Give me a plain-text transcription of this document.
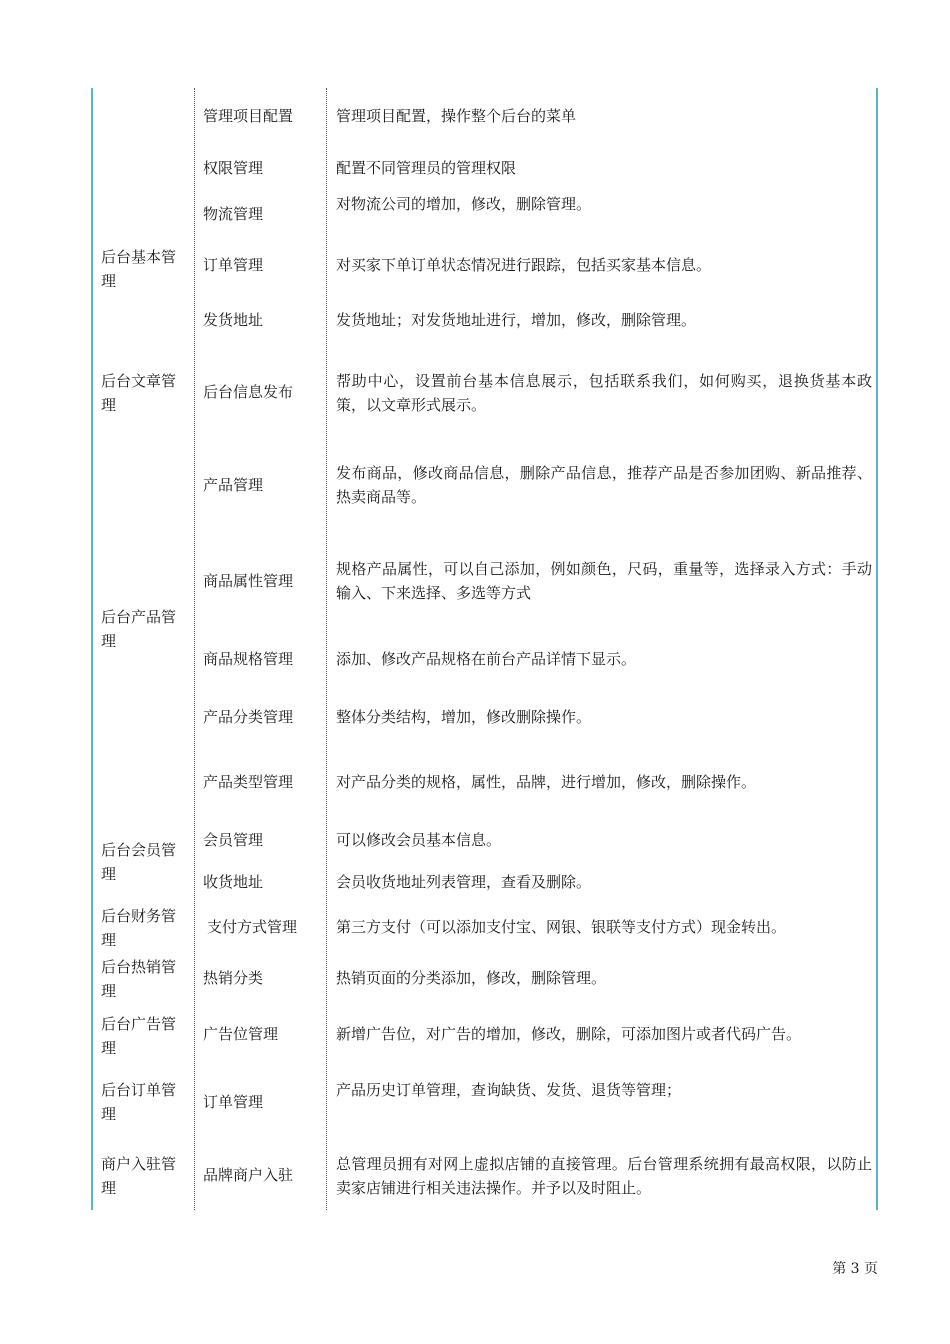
后台基本管理
后台文章管理
后台产品管理
后台会员管理
后台财务管理
后台热销管理
后台广告管理
后台订单管理
商户入驻管理
管理项目配置
权限管理
物流管理
订单管理
发货地址
后台信息发布
产品管理
商品属性管理
商品规格管理
产品分类管理
产品类型管理
会员管理
收货地址
支付方式管理
热销分类
广告位管理
订单管理
品牌商户入驻
管理项目配置，操作整个后台的菜单
配置不同管理员的管理权限
对物流公司的增加，修改，删除管理。
对买家下单订单状态情况进行跟踪，包括买家基本信息。
发货地址；对发货地址进行，增加，修改，删除管理。
帮助中心，设置前台基本信息展示，包括联系我们，如何购买，退换货基本政策，以文章形式展示。
发布商品，修改商品信息，删除产品信息，推荐产品是否参加团购、新品推荐、热卖商品等。
规格产品属性，可以自己添加，例如颜色，尺码，重量等，选择录入方式：手动输入、下来选择、多选等方式
添加、修改产品规格在前台产品详情下显示。
整体分类结构，增加，修改删除操作。
对产品分类的规格，属性，品牌，进行增加，修改，删除操作。
可以修改会员基本信息。
会员收货地址列表管理，查看及删除。
第三方支付（可以添加支付宝、网银、银联等支付方式）现金转出。
热销页面的分类添加，修改，删除管理。
新增广告位，对广告的增加，修改，删除，可添加图片或者代码广告。
产品历史订单管理，查询缺货、发货、退货等管理；
总管理员拥有对网上虚拟店铺的直接管理。后台管理系统拥有最高权限，以防止卖家店铺进行相关违法操作。并予以及时阻止。
第 3 页
